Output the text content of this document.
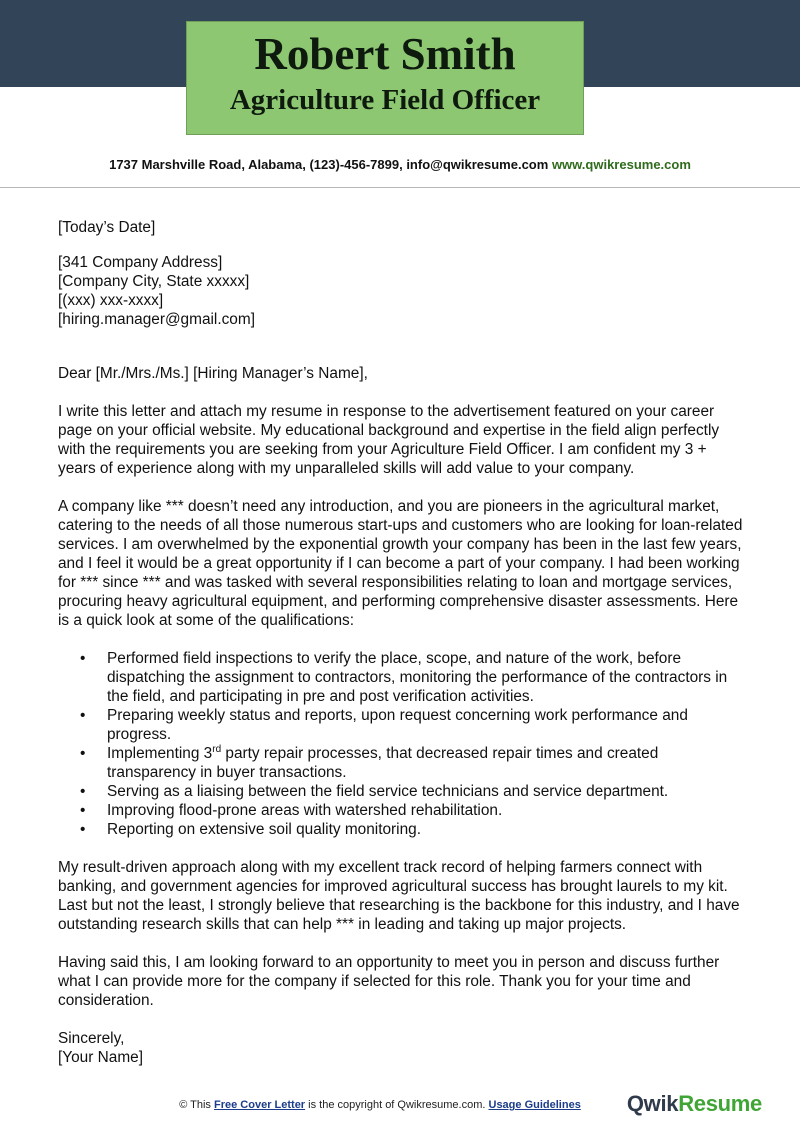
Robert Smith
Agriculture Field Officer
1737 Marshville Road, Alabama, (123)-456-7899, info@qwikresume.com www.qwikresume.com

[Today’s Date]

[341 Company Address]

[Company City, State xxxxx]

[(xxx) xxx-xxxx]

[hiring.manager@gmail.com]

Dear [Mr./Mrs./Ms.] [Hiring Manager’s Name],

I write this letter and attach my resume in response to the advertisement featured on your career page on your official website. My educational background and expertise in the field align perfectly with the requirements you are seeking from your Agriculture Field Officer. I am confident my 3 + years of experience along with my unparalleled skills will add value to your company.

A company like *** doesn’t need any introduction, and you are pioneers in the agricultural market, catering to the needs of all those numerous start-ups and customers who are looking for loan-related services. I am overwhelmed by the exponential growth your company has been in the last few years, and I feel it would be a great opportunity if I can become a part of your company. I had been working for *** since *** and was tasked with several responsibilities relating to loan and mortgage services, procuring heavy agricultural equipment, and performing comprehensive disaster assessments. Here is a quick look at some of the qualifications:

• Performed field inspections to verify the place, scope, and nature of the work, before dispatching the assignment to contractors, monitoring the performance of the contractors in the field, and participating in pre and post verification activities.
• Preparing weekly status and reports, upon request concerning work performance and progress.
• Implementing 3rd party repair processes, that decreased repair times and created transparency in buyer transactions.
• Serving as a liaising between the field service technicians and service department.
• Improving flood-prone areas with watershed rehabilitation.
• Reporting on extensive soil quality monitoring.

My result-driven approach along with my excellent track record of helping farmers connect with banking, and government agencies for improved agricultural success has brought laurels to my kit. Last but not the least, I strongly believe that researching is the backbone for this industry, and I have outstanding research skills that can help *** in leading and taking up major projects.

Having said this, I am looking forward to an opportunity to meet you in person and discuss further what I can provide more for the company if selected for this role. Thank you for your time and consideration.

Sincerely,

[Your Name]

© This Free Cover Letter is the copyright of Qwikresume.com. Usage Guidelines	QwikResume
